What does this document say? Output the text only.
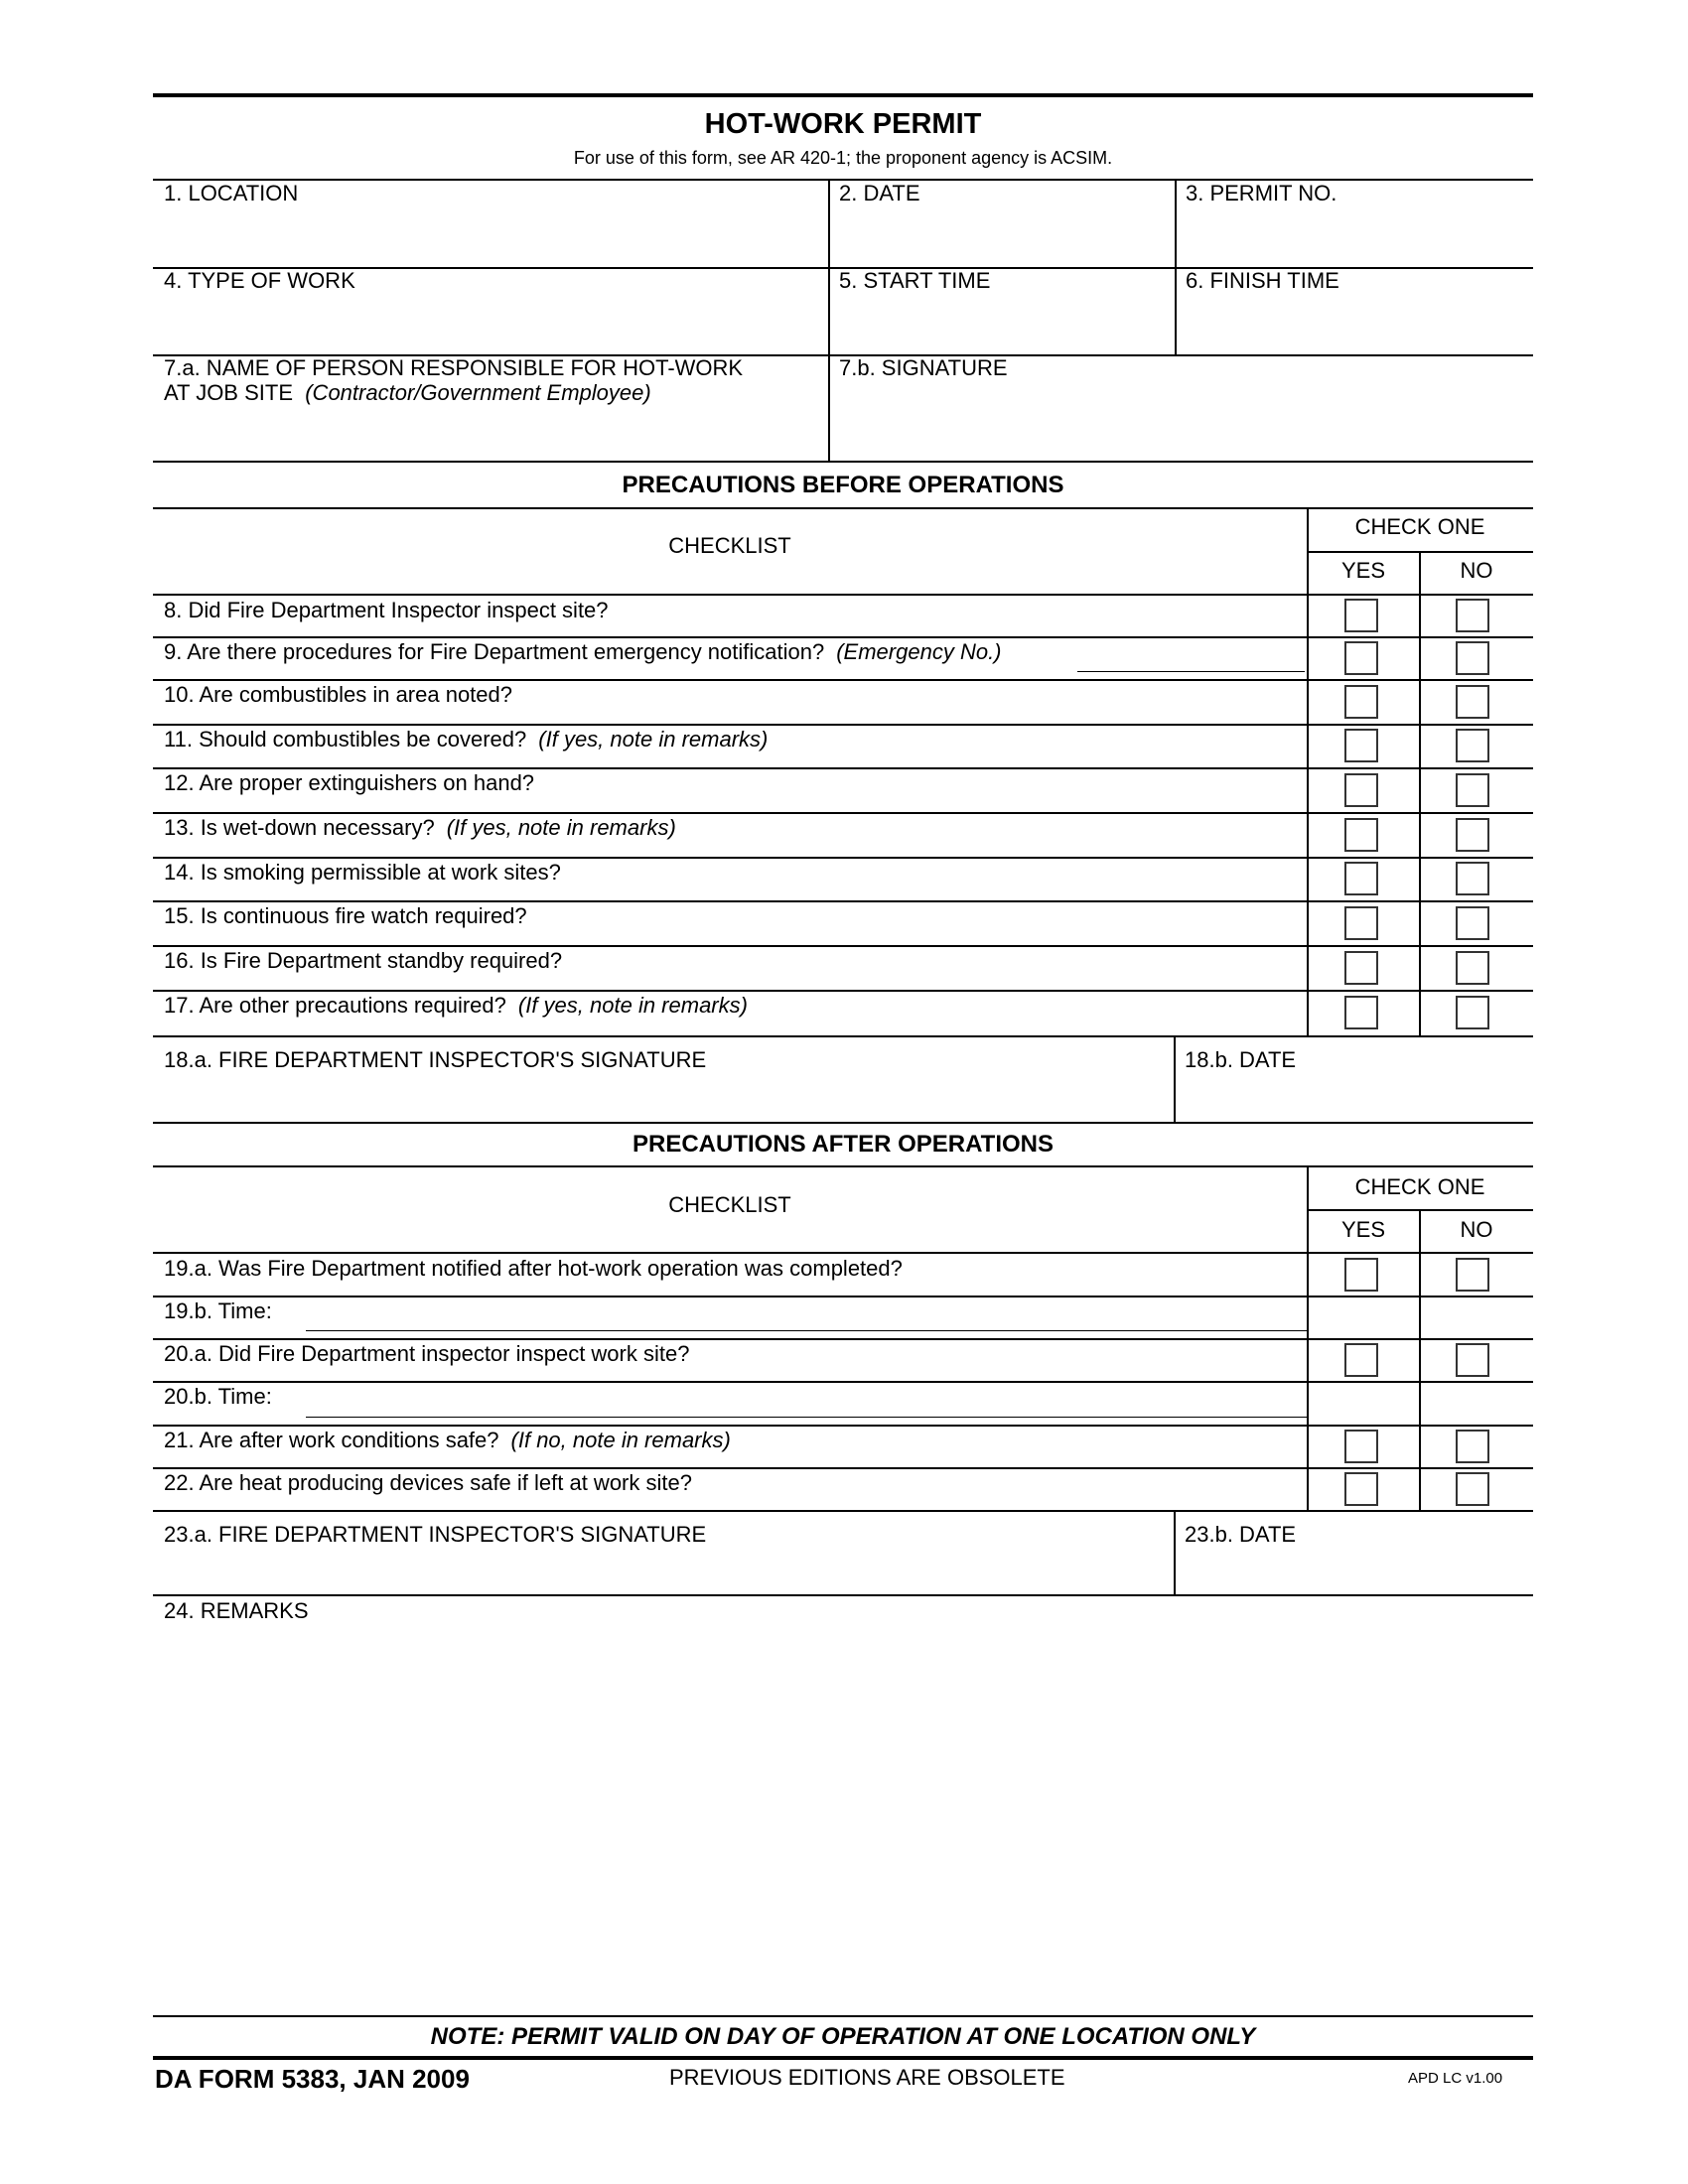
HOT-WORK PERMIT
For use of this form, see AR 420-1; the proponent agency is ACSIM.
1. LOCATION	2. DATE	3. PERMIT NO.
4. TYPE OF WORK	5. START TIME	6. FINISH TIME
7.a. NAME OF PERSON RESPONSIBLE FOR HOT-WORK
AT JOB SITE (Contractor/Government Employee)
7.b. SIGNATURE
PRECAUTIONS BEFORE OPERATIONS
CHECKLIST
CHECK ONE
YES	NO
8. Did Fire Department Inspector inspect site?
9. Are there procedures for Fire Department emergency notification? (Emergency No.)
10. Are combustibles in area noted?
11. Should combustibles be covered? (If yes, note in remarks)
12. Are proper extinguishers on hand?
13. Is wet-down necessary? (If yes, note in remarks)
14. Is smoking permissible at work sites?
15. Is continuous fire watch required?
16. Is Fire Department standby required?
17. Are other precautions required? (If yes, note in remarks)
18.a. FIRE DEPARTMENT INSPECTOR'S SIGNATURE	18.b. DATE
PRECAUTIONS AFTER OPERATIONS
CHECKLIST
CHECK ONE
YES	NO
19.a. Was Fire Department notified after hot-work operation was completed?
19.b. Time:
20.a. Did Fire Department inspector inspect work site?
20.b. Time:
21. Are after work conditions safe? (If no, note in remarks)
22. Are heat producing devices safe if left at work site?
23.a. FIRE DEPARTMENT INSPECTOR'S SIGNATURE	23.b. DATE
24. REMARKS
NOTE: PERMIT VALID ON DAY OF OPERATION AT ONE LOCATION ONLY
DA FORM 5383, JAN 2009	PREVIOUS EDITIONS ARE OBSOLETE	APD LC v1.00
